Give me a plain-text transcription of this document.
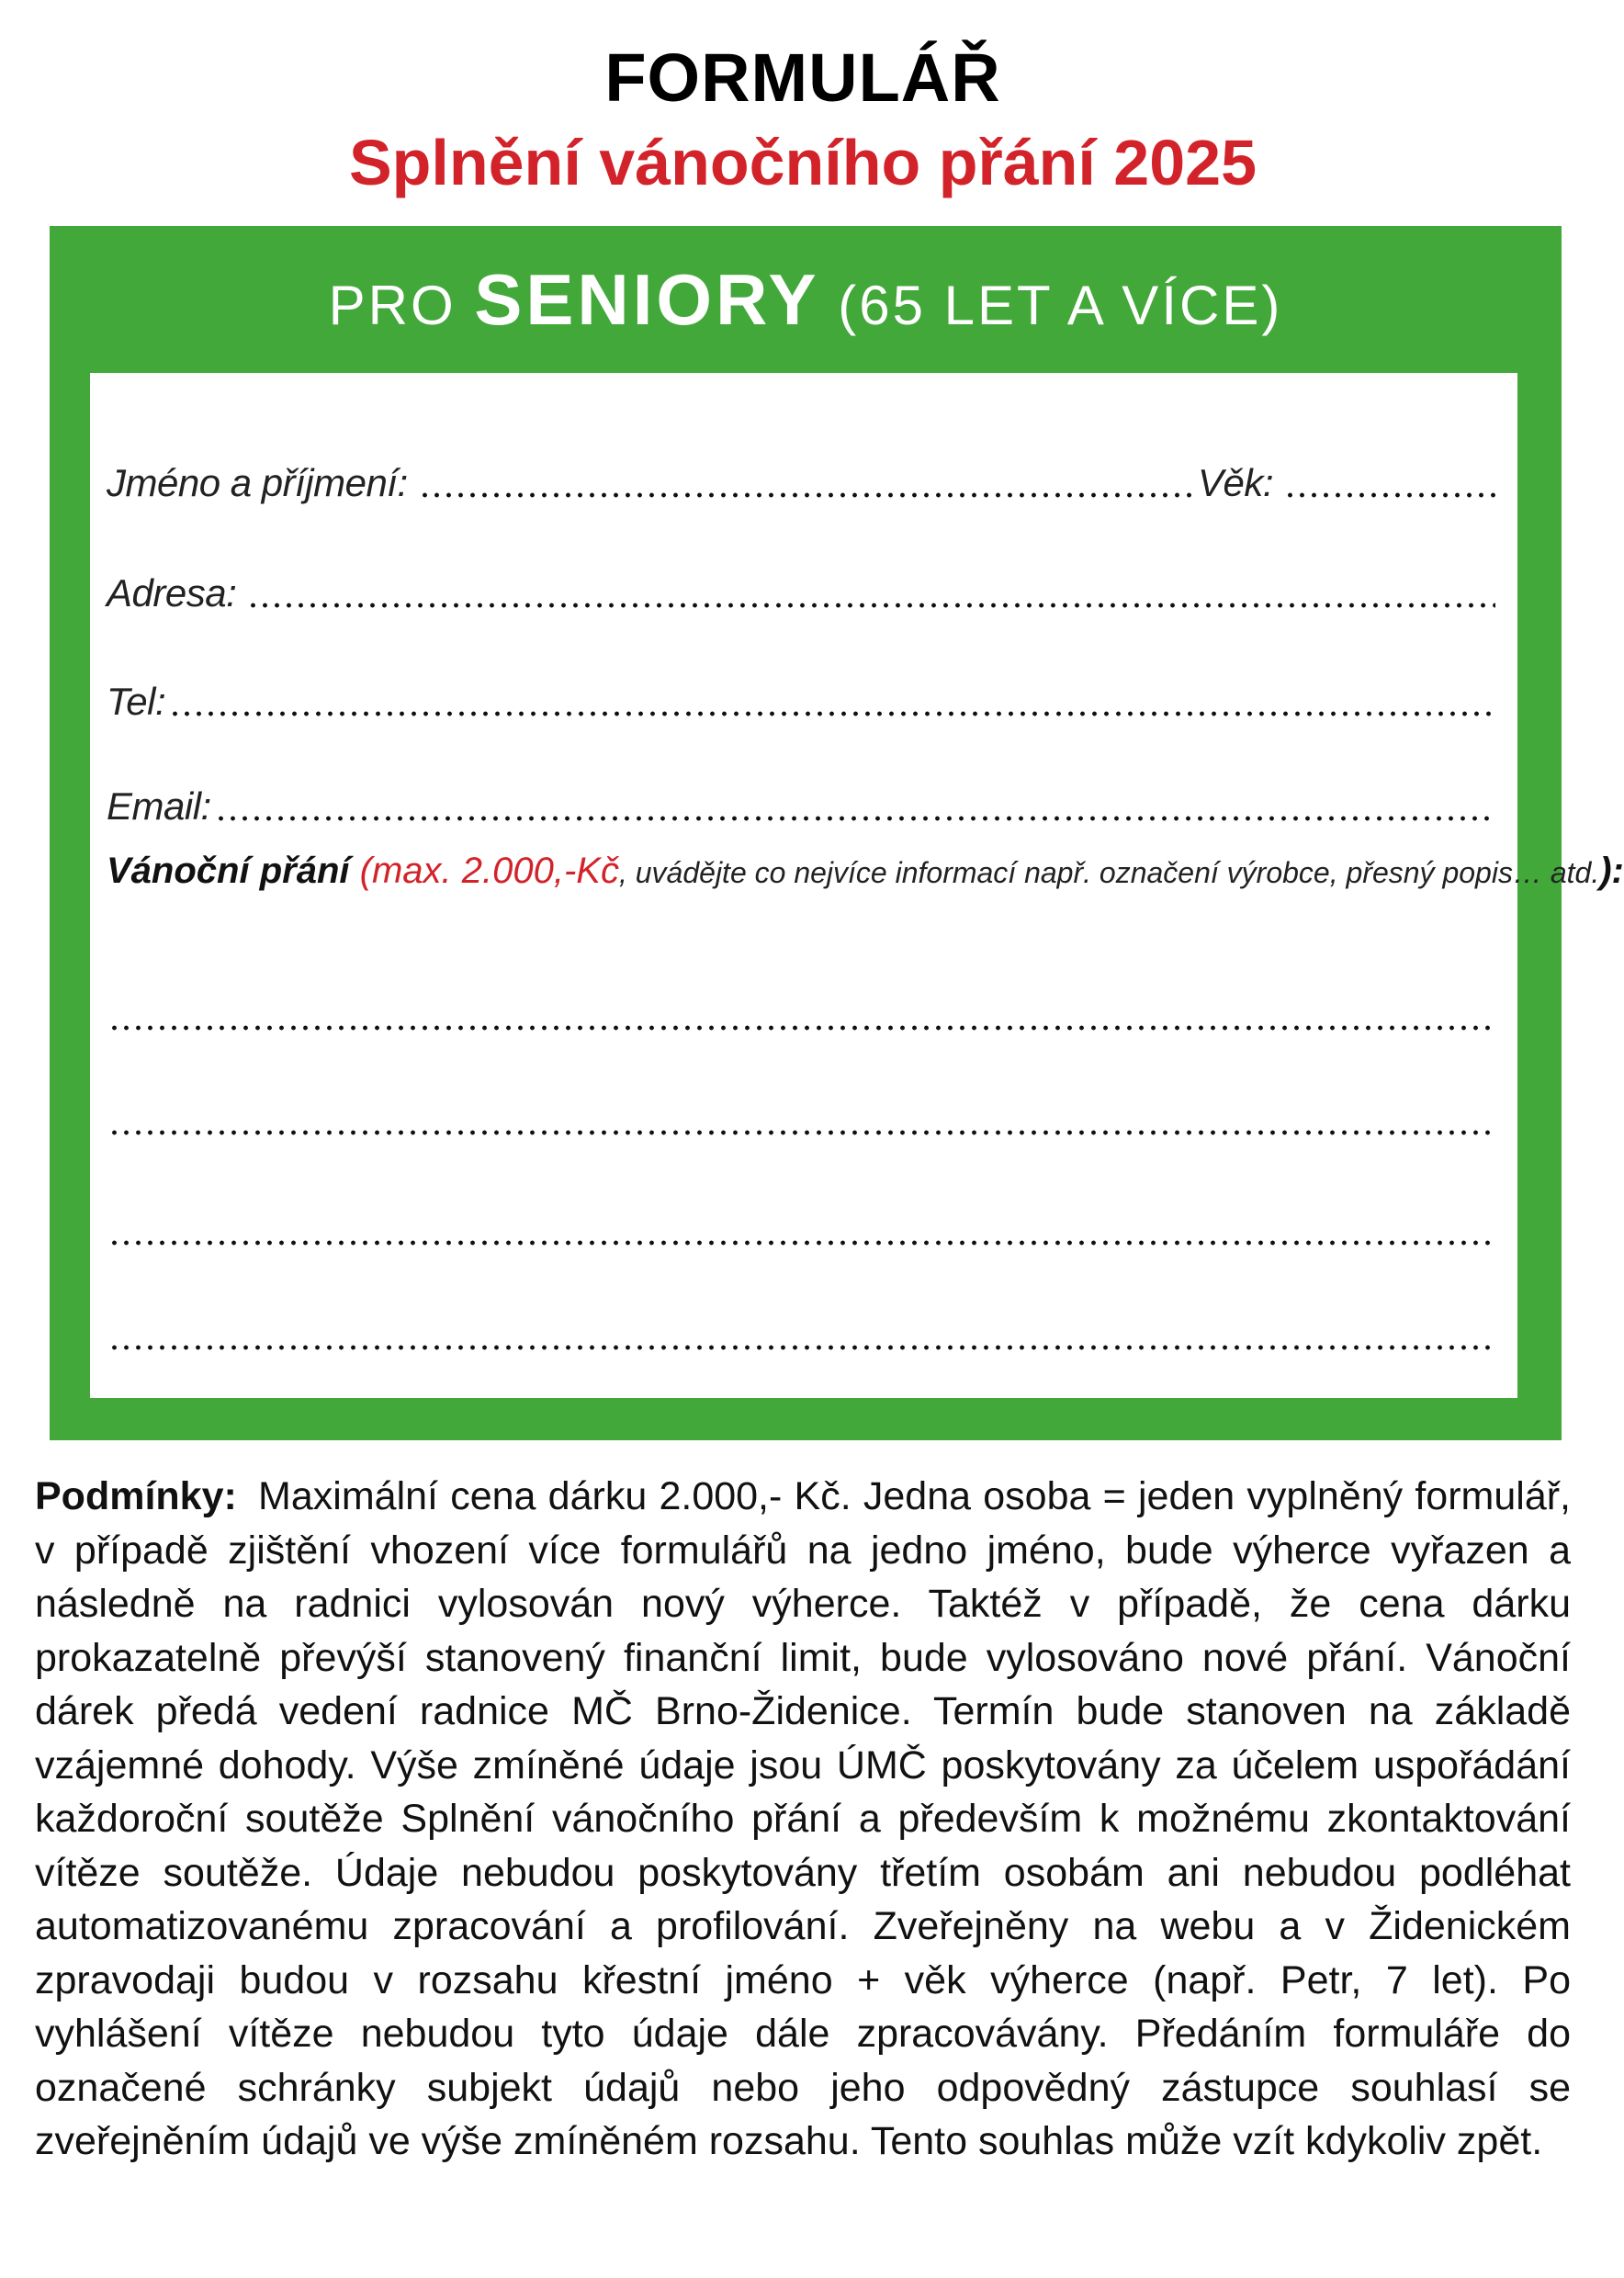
FORMULÁŘ
Splnění vánočního přání 2025
PRO SENIORY (65 LET A VÍCE)
Jméno a příjmení:	Věk:
Adresa:
Tel:
Email:
Vánoční přání (max. 2.000,-Kč, uvádějte co nejvíce informací např. označení výrobce, přesný popis… atd.):
Podmínky: Maximální cena dárku 2.000,- Kč. Jedna osoba = jeden vyplněný formulář, v případě zjištění vhození více formulářů na jedno jméno, bude výherce vyřazen a následně na radnici vylosován nový výherce. Taktéž v případě, že cena dárku prokazatelně převýší stanovený finanční limit, bude vylosováno nové přání. Vánoční dárek předá vedení radnice MČ Brno-Židenice. Termín bude stanoven na základě vzájemné dohody. Výše zmíněné údaje jsou ÚMČ poskytovány za účelem uspořádání každoroční soutěže Splnění vánočního přání a především k možnému zkontaktování vítěze soutěže. Údaje nebudou poskytovány třetím osobám ani nebudou podléhat automatizovanému zpracování a profilování. Zveřejněny na webu a v Židenickém zpravodaji budou v rozsahu křestní jméno + věk výherce (např. Petr, 7 let). Po vyhlášení vítěze nebudou tyto údaje dále zpracovávány. Předáním formuláře do označené schránky subjekt údajů nebo jeho odpovědný zástupce souhlasí se zveřejněním údajů ve výše zmíněném rozsahu. Tento souhlas může vzít kdykoliv zpět.
